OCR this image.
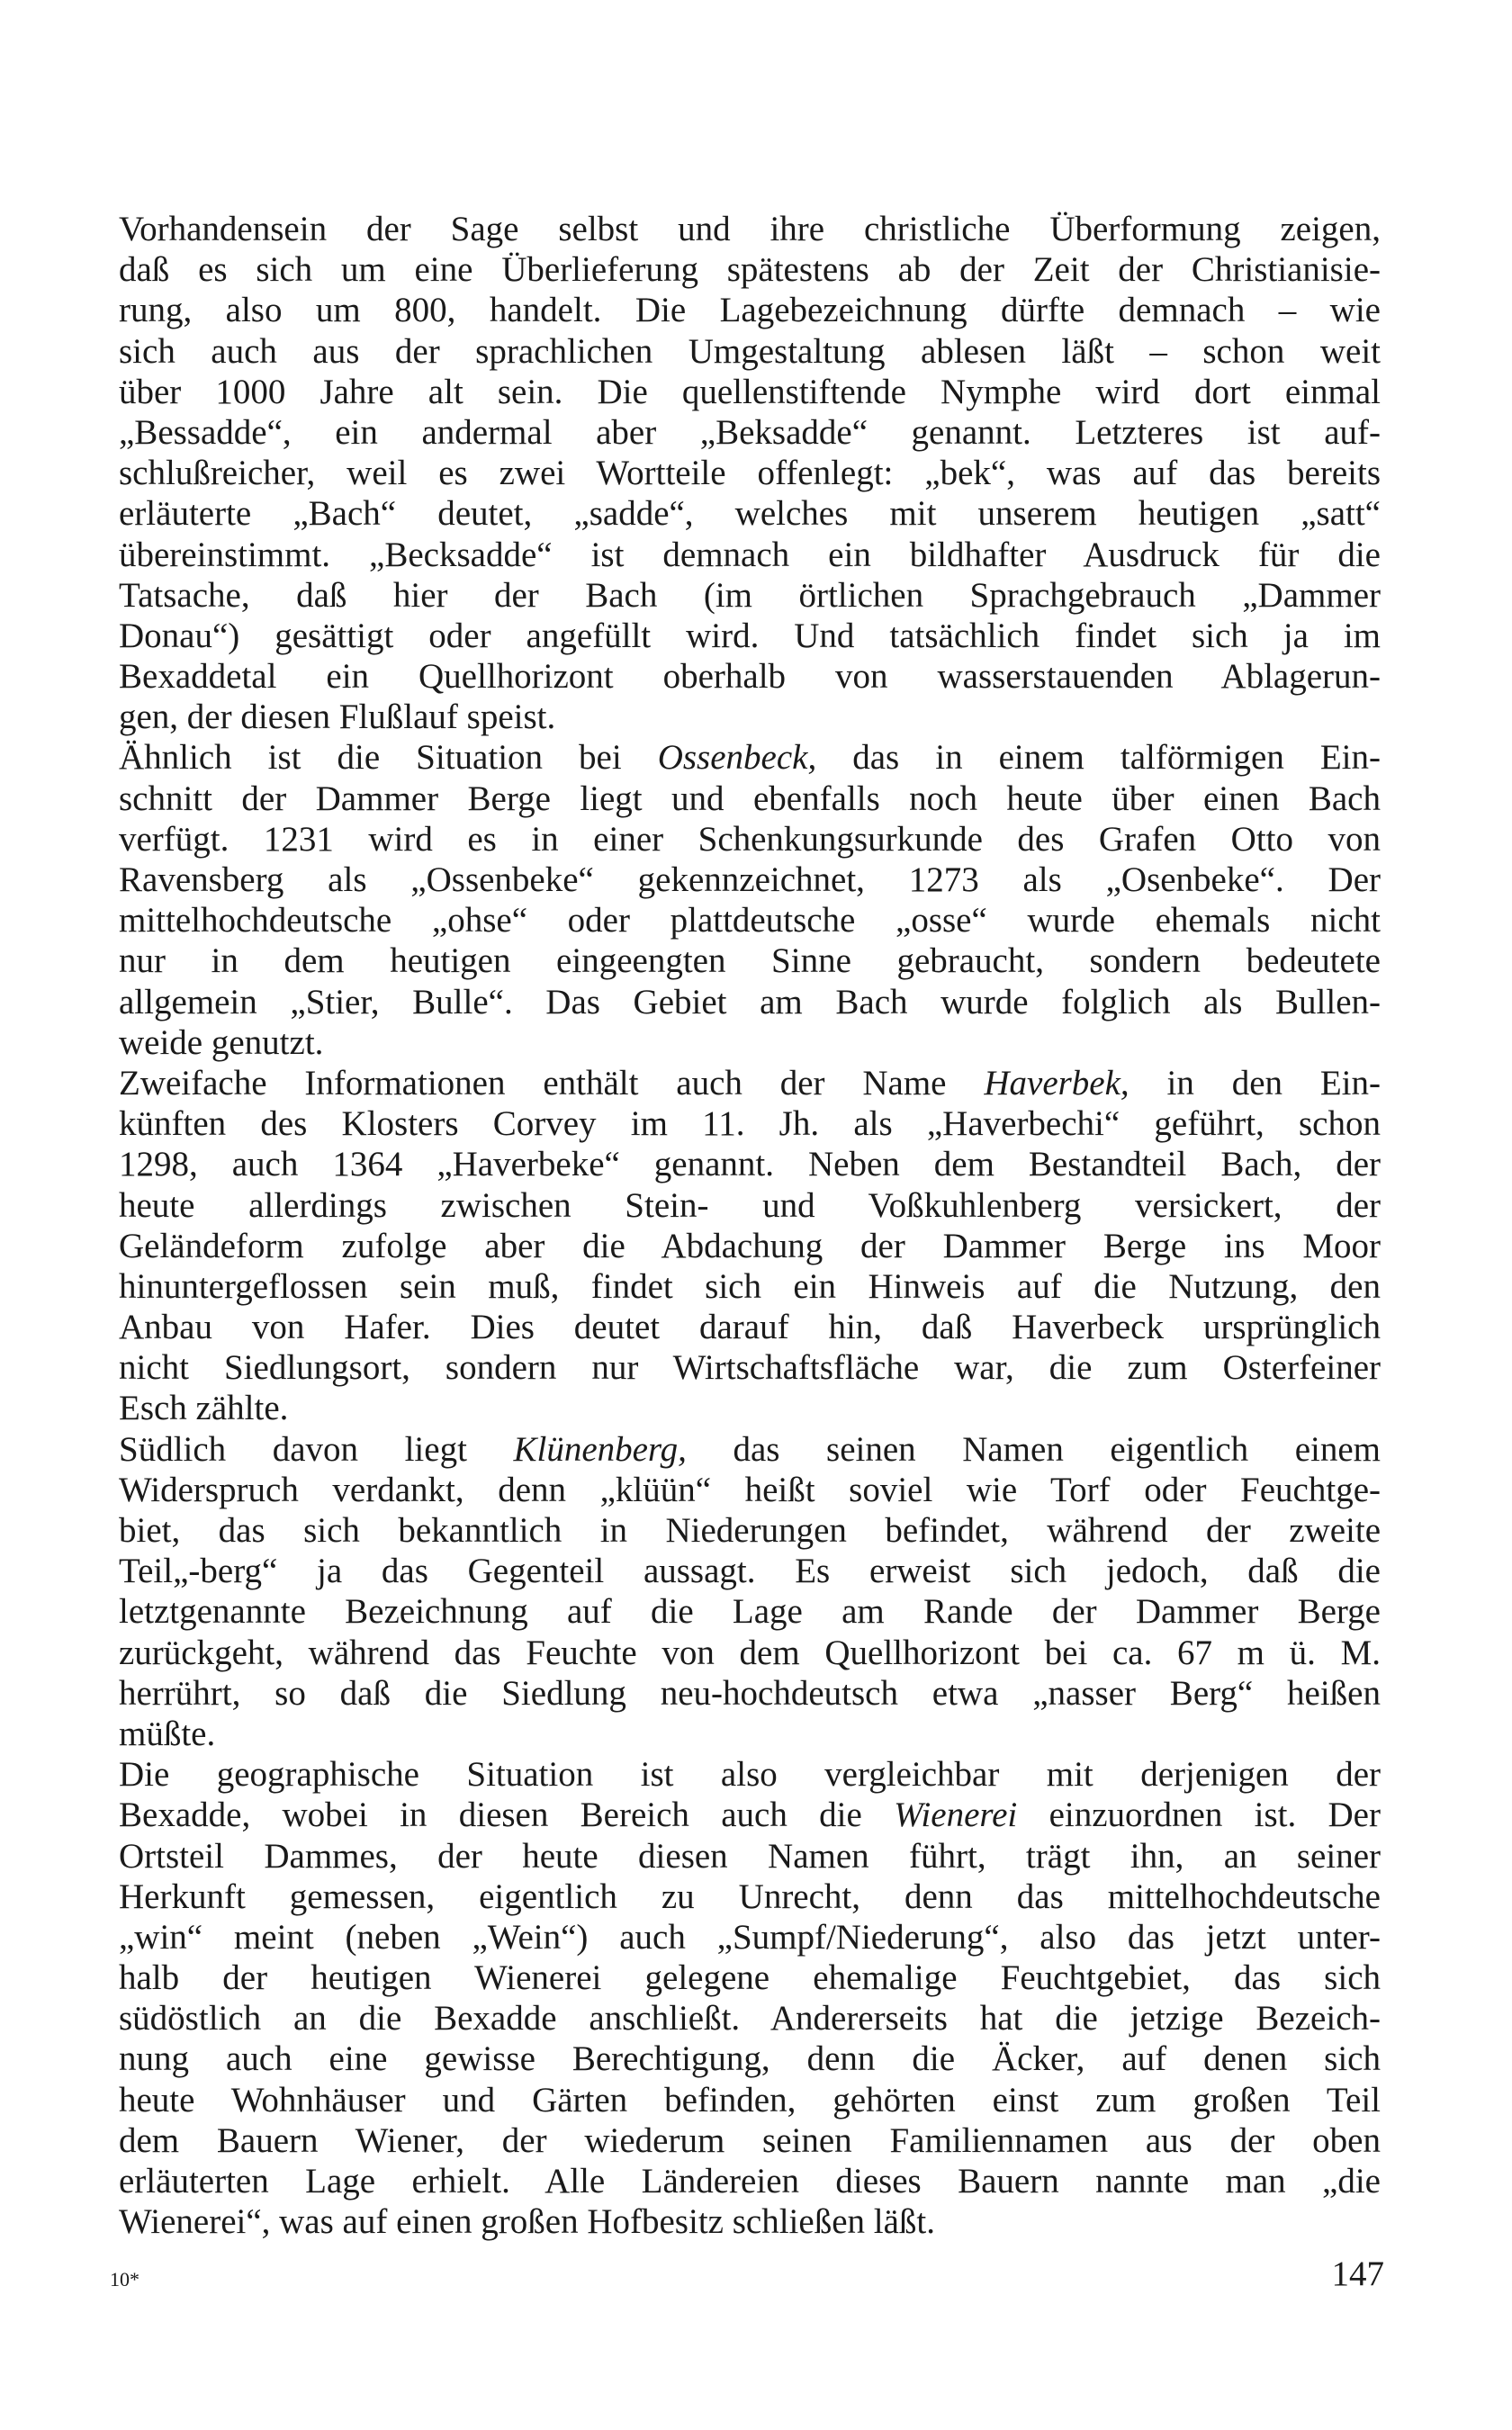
Vorhandensein der Sage selbst und ihre christliche Überformung zeigen,
daß es sich um eine Überlieferung spätestens ab der Zeit der Christianisie-
rung, also um 800, handelt. Die Lagebezeichnung dürfte demnach – wie
sich auch aus der sprachlichen Umgestaltung ablesen läßt – schon weit
über 1000 Jahre alt sein. Die quellenstiftende Nymphe wird dort einmal
„Bessadde“, ein andermal aber „Beksadde“ genannt. Letzteres ist auf-
schlußreicher, weil es zwei Wortteile offenlegt: „bek“, was auf das bereits
erläuterte „Bach“ deutet, „sadde“, welches mit unserem heutigen „satt“
übereinstimmt. „Becksadde“ ist demnach ein bildhafter Ausdruck für die
Tatsache, daß hier der Bach (im örtlichen Sprachgebrauch „Dammer
Donau“) gesättigt oder angefüllt wird. Und tatsächlich findet sich ja im
Bexaddetal ein Quellhorizont oberhalb von wasserstauenden Ablagerun-
gen, der diesen Flußlauf speist.
Ähnlich ist die Situation bei Ossenbeck, das in einem talförmigen Ein-
schnitt der Dammer Berge liegt und ebenfalls noch heute über einen Bach
verfügt. 1231 wird es in einer Schenkungsurkunde des Grafen Otto von
Ravensberg als „Ossenbeke“ gekennzeichnet, 1273 als „Osenbeke“. Der
mittelhochdeutsche „ohse“ oder plattdeutsche „osse“ wurde ehemals nicht
nur in dem heutigen eingeengten Sinne gebraucht, sondern bedeutete
allgemein „Stier, Bulle“. Das Gebiet am Bach wurde folglich als Bullen-
weide genutzt.
Zweifache Informationen enthält auch der Name Haverbek, in den Ein-
künften des Klosters Corvey im 11. Jh. als „Haverbechi“ geführt, schon
1298, auch 1364 „Haverbeke“ genannt. Neben dem Bestandteil Bach, der
heute allerdings zwischen Stein- und Voßkuhlenberg versickert, der
Geländeform zufolge aber die Abdachung der Dammer Berge ins Moor
hinuntergeflossen sein muß, findet sich ein Hinweis auf die Nutzung, den
Anbau von Hafer. Dies deutet darauf hin, daß Haverbeck ursprünglich
nicht Siedlungsort, sondern nur Wirtschaftsfläche war, die zum Osterfeiner
Esch zählte.
Südlich davon liegt Klünenberg, das seinen Namen eigentlich einem
Widerspruch verdankt, denn „klüün“ heißt soviel wie Torf oder Feuchtge-
biet, das sich bekanntlich in Niederungen befindet, während der zweite
Teil„-berg“ ja das Gegenteil aussagt. Es erweist sich jedoch, daß die
letztgenannte Bezeichnung auf die Lage am Rande der Dammer Berge
zurückgeht, während das Feuchte von dem Quellhorizont bei ca. 67 m ü. M.
herrührt, so daß die Siedlung neu-hochdeutsch etwa „nasser Berg“ heißen
müßte.
Die geographische Situation ist also vergleichbar mit derjenigen der
Bexadde, wobei in diesen Bereich auch die Wienerei einzuordnen ist. Der
Ortsteil Dammes, der heute diesen Namen führt, trägt ihn, an seiner
Herkunft gemessen, eigentlich zu Unrecht, denn das mittelhochdeutsche
„win“ meint (neben „Wein“) auch „Sumpf/Niederung“, also das jetzt unter-
halb der heutigen Wienerei gelegene ehemalige Feuchtgebiet, das sich
südöstlich an die Bexadde anschließt. Andererseits hat die jetzige Bezeich-
nung auch eine gewisse Berechtigung, denn die Äcker, auf denen sich
heute Wohnhäuser und Gärten befinden, gehörten einst zum großen Teil
dem Bauern Wiener, der wiederum seinen Familiennamen aus der oben
erläuterten Lage erhielt. Alle Ländereien dieses Bauern nannte man „die
Wienerei“, was auf einen großen Hofbesitz schließen läßt.
10*	147
